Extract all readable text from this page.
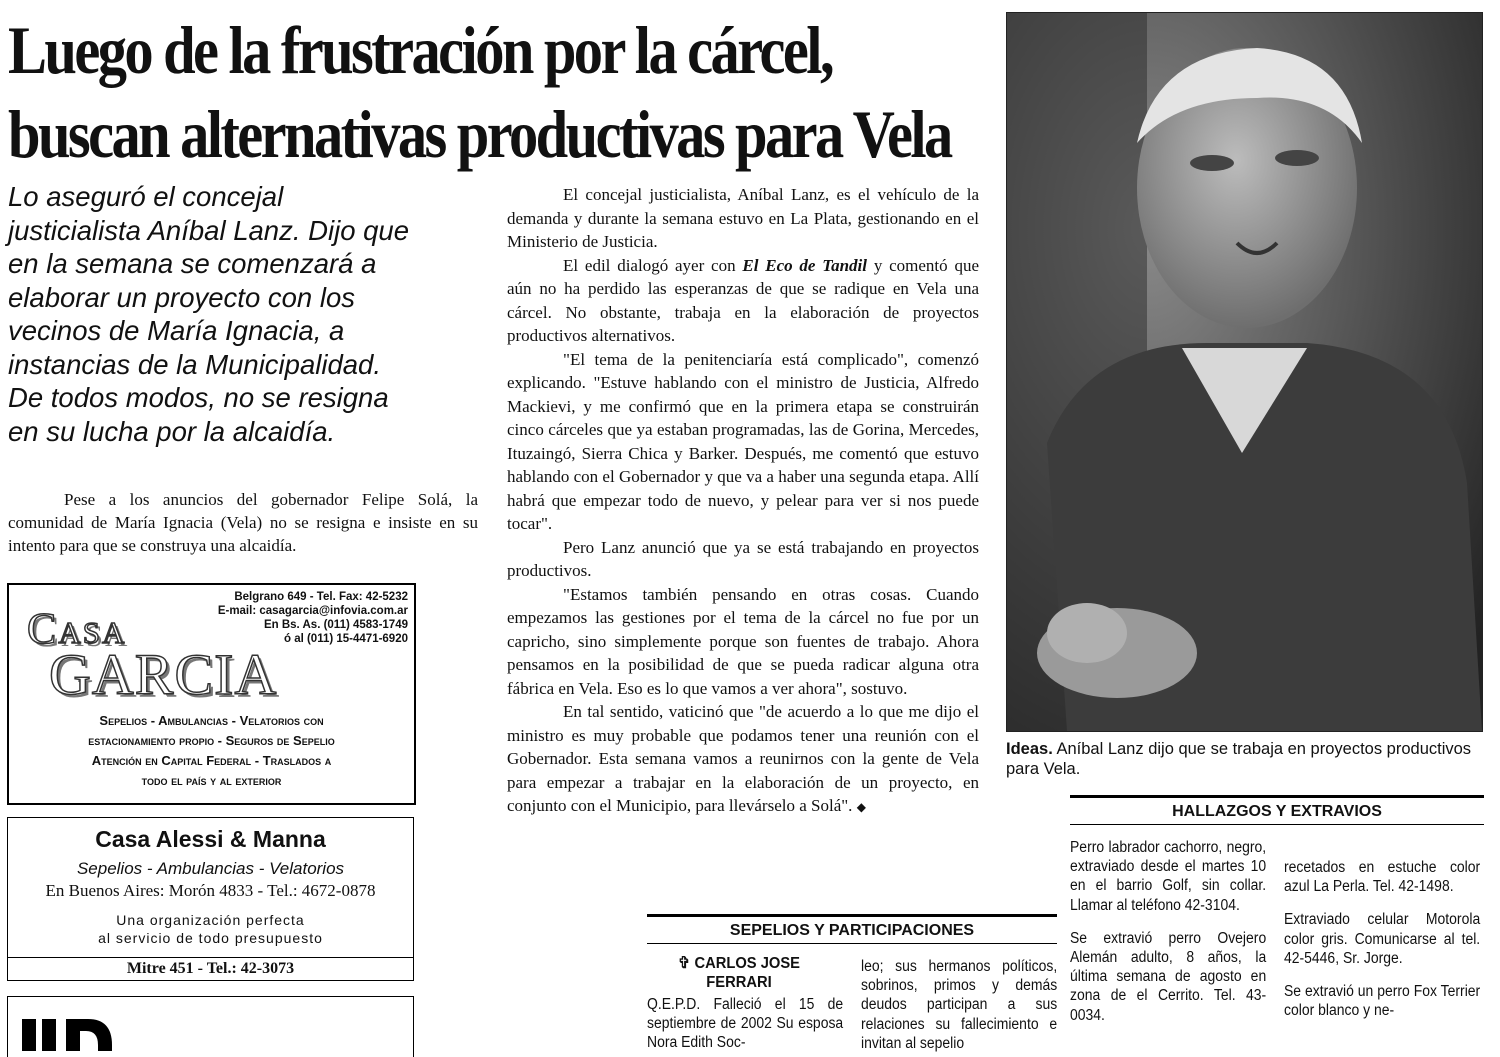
Luego de la frustración por la cárcel,
buscan alternativas productivas para Vela
Lo aseguró el concejal
justicialista Aníbal Lanz. Dijo que
en la semana se comenzará a
elaborar un proyecto con los
vecinos de María Ignacia, a
instancias de la Municipalidad.
De todos modos, no se resigna
en su lucha por la alcaidía.

Pese a los anuncios del gobernador Felipe Solá, la comunidad de María Ignacia (Vela) no se resigna e insiste en su intento para que se construya una alcaidía.

El concejal justicialista, Aníbal Lanz, es el vehículo de la demanda y durante la semana estuvo en La Plata, gestionando en el Ministerio de Justicia.

El edil dialogó ayer con El Eco de Tandil y comentó que aún no ha perdido las esperanzas de que se radique en Vela una cárcel. No obstante, trabaja en la elaboración de proyectos productivos alternativos.

"El tema de la penitenciaría está complicado", comenzó explicando. "Estuve hablando con el ministro de Justicia, Alfredo Mackievi, y me confirmó que en la primera etapa se construirán cinco cárceles que ya estaban programadas, las de Gorina, Mercedes, Ituzaingó, Sierra Chica y Barker. Después, me comentó que estuvo hablando con el Gobernador y que va a haber una segunda etapa. Allí habrá que empezar todo de nuevo, y pelear para ver si nos puede tocar".

Pero Lanz anunció que ya se está trabajando en proyectos productivos.

"Estamos también pensando en otras cosas. Cuando empezamos las gestiones por el tema de la cárcel no fue por un capricho, sino simplemente porque son fuentes de trabajo. Ahora pensamos en la posibilidad de que se pueda radicar alguna otra fábrica en Vela. Eso es lo que vamos a ver ahora", sostuvo.

En tal sentido, vaticinó que "de acuerdo a lo que me dijo el ministro es muy probable que podamos tener una reunión con el Gobernador. Esta semana vamos a reunirnos con la gente de Vela para empezar a trabajar en la elaboración de un proyecto, en conjunto con el Municipio, para llevárselo a Solá". ◆

Ideas. Aníbal Lanz dijo que se trabaja en proyectos productivos para Vela.
Belgrano 649 - Tel. Fax: 42-5232
E-mail: casagarcia@infovia.com.ar
En Bs. As. (011) 4583-1749
ó al (011) 15-4471-6920
Casa
GARCIA
Sepelios - Ambulancias - Velatorios con
estacionamiento propio - Seguros de Sepelio
Atención en Capital Federal - Traslados a
todo el país y al exterior
Casa Alessi & Manna
Sepelios - Ambulancias - Velatorios
En Buenos Aires: Morón 4833 - Tel.: 4672-0878
Una organización perfecta
al servicio de todo presupuesto
Mitre 451 - Tel.: 42-3073
SEPELIOS Y PARTICIPACIONES
✞ CARLOS JOSE
FERRARI
Q.E.P.D. Falleció el 15 de septiembre de 2002 Su esposa Nora Edith Soc-
leo; sus hermanos políticos, sobrinos, primos y demás deudos participan a sus relaciones su fallecimiento e invitan al sepelio
HALLAZGOS Y EXTRAVIOS

Perro labrador cachorro, negro, extraviado desde el martes 10 en el barrio Golf, sin collar. Llamar al teléfono 42-3104.

Se extravió perro Ovejero Alemán adulto, 8 años, la última semana de agosto en zona de el Cerrito. Tel. 43-0034.

recetados en estuche color azul La Perla. Tel. 42-1498.

Extraviado celular Motorola color gris. Comunicarse al tel. 42-5446, Sr. Jorge.

Se extravió un perro Fox Terrier color blanco y ne-
